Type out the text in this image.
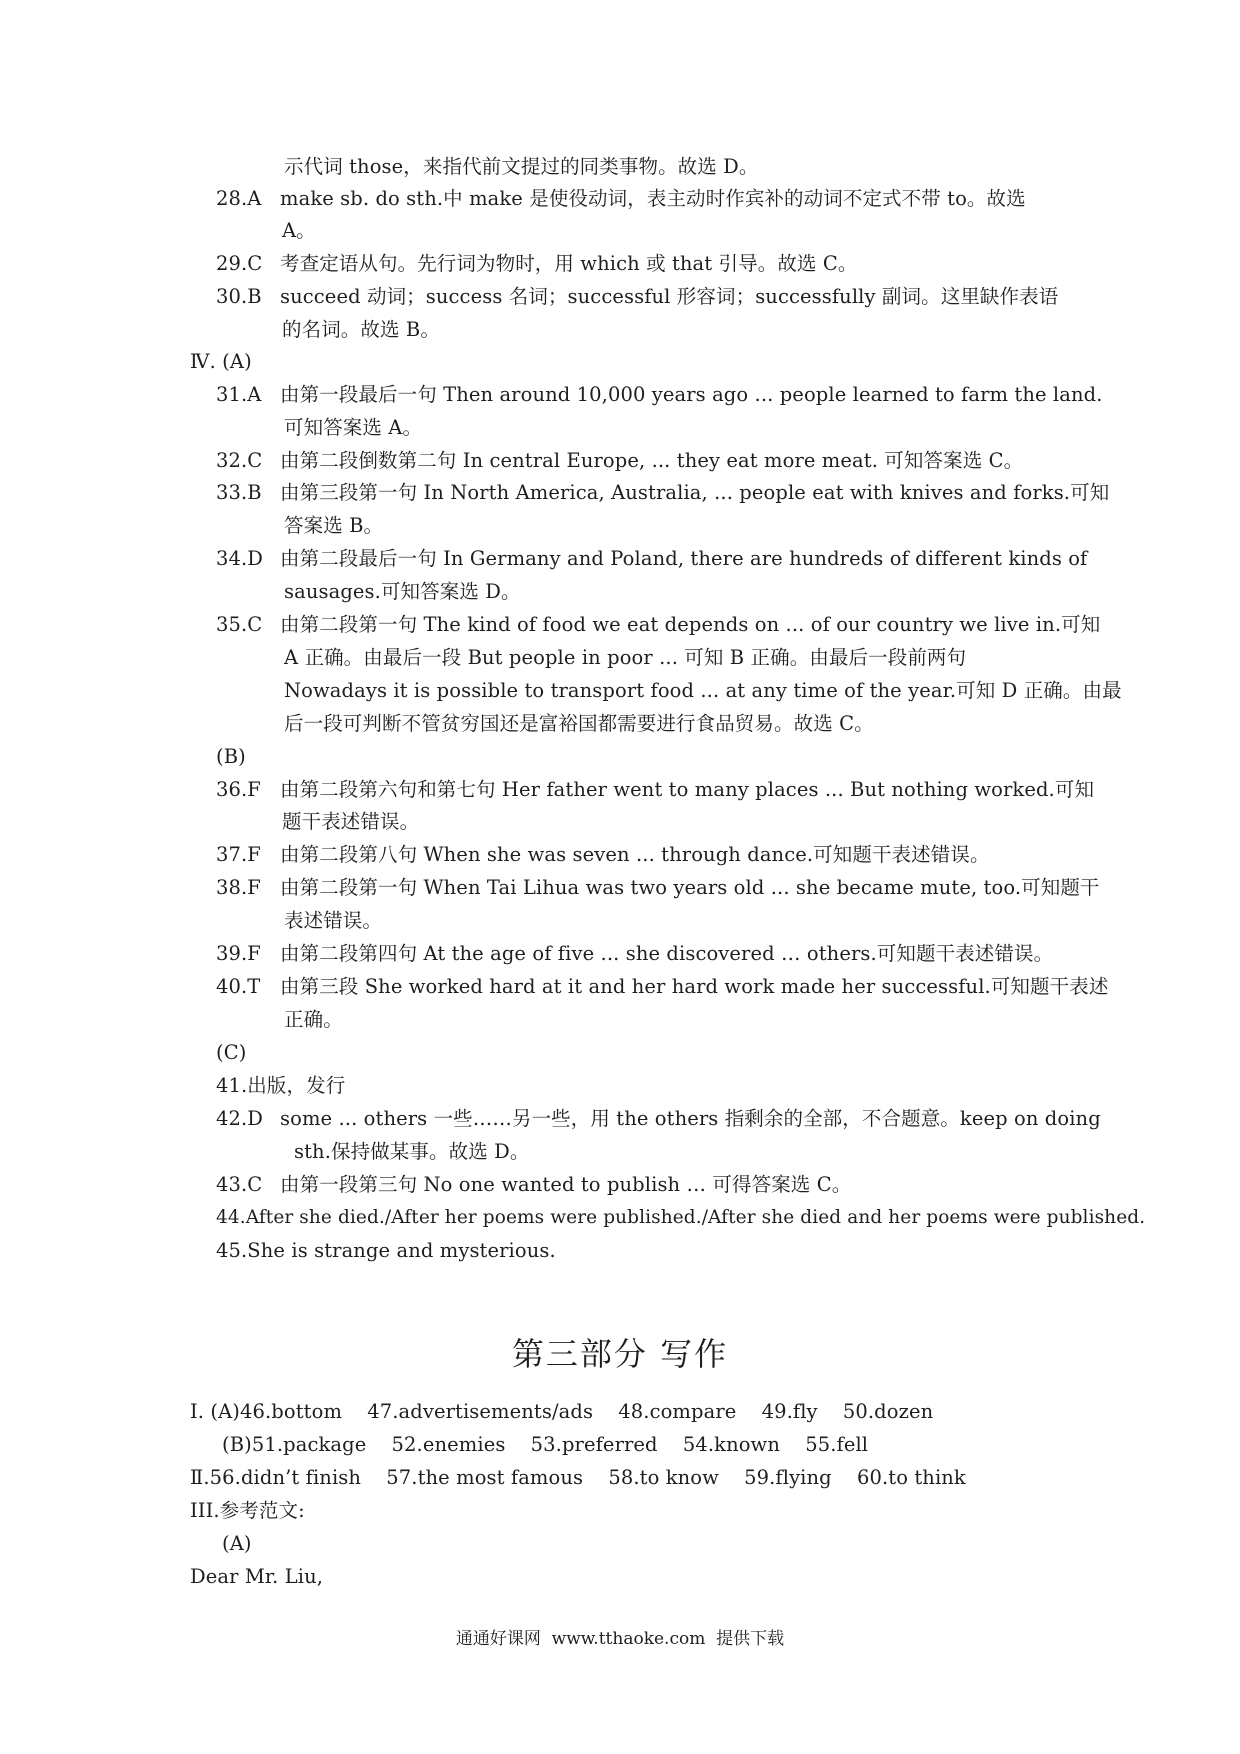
示代词 those，来指代前文提过的同类事物。故选 D。
28.A make sb. do sth.中 make 是使役动词，表主动时作宾补的动词不定式不带 to。故选
A。
29.C 考查定语从句。先行词为物时，用 which 或 that 引导。故选 C。
30.B succeed 动词；success 名词；successful 形容词；successfully 副词。这里缺作表语
的名词。故选 B。
Ⅳ. (A)
31.A 由第一段最后一句 Then around 10,000 years ago ... people learned to farm the land.
可知答案选 A。
32.C 由第二段倒数第二句 In central Europe, ... they eat more meat. 可知答案选 C。
33.B 由第三段第一句 In North America, Australia, ... people eat with knives and forks.可知
答案选 B。
34.D 由第二段最后一句 In Germany and Poland, there are hundreds of different kinds of
sausages.可知答案选 D。
35.C 由第二段第一句 The kind of food we eat depends on ... of our country we live in.可知
A 正确。由最后一段 But people in poor ... 可知 B 正确。由最后一段前两句
Nowadays it is possible to transport food ... at any time of the year.可知 D 正确。由最
后一段可判断不管贫穷国还是富裕国都需要进行食品贸易。故选 C。
(B)
36.F 由第二段第六句和第七句 Her father went to many places ... But nothing worked.可知
题干表述错误。
37.F 由第二段第八句 When she was seven ... through dance.可知题干表述错误。
38.F 由第二段第一句 When Tai Lihua was two years old ... she became mute, too.可知题干
表述错误。
39.F 由第二段第四句 At the age of five ... she discovered … others.可知题干表述错误。
40.T 由第三段 She worked hard at it and her hard work made her successful.可知题干表述
正确。
(C)
41.出版，发行
42.D some ... others 一些……另一些，用 the others 指剩余的全部，不合题意。keep on doing
sth.保持做某事。故选 D。
43.C 由第一段第三句 No one wanted to publish … 可得答案选 C。
44.After she died./After her poems were published./After she died and her poems were published.
45.She is strange and mysterious.
第三部分 写作
Ⅰ. (A)46.bottom    47.advertisements/ads    48.compare    49.fly    50.dozen
(B)51.package    52.enemies    53.preferred    54.known    55.fell
Ⅱ.56.didn’t finish    57.the most famous    58.to know    59.flying    60.to think
III.参考范文:
(A)
Dear Mr. Liu,
通通好课网  www.tthaoke.com  提供下载
